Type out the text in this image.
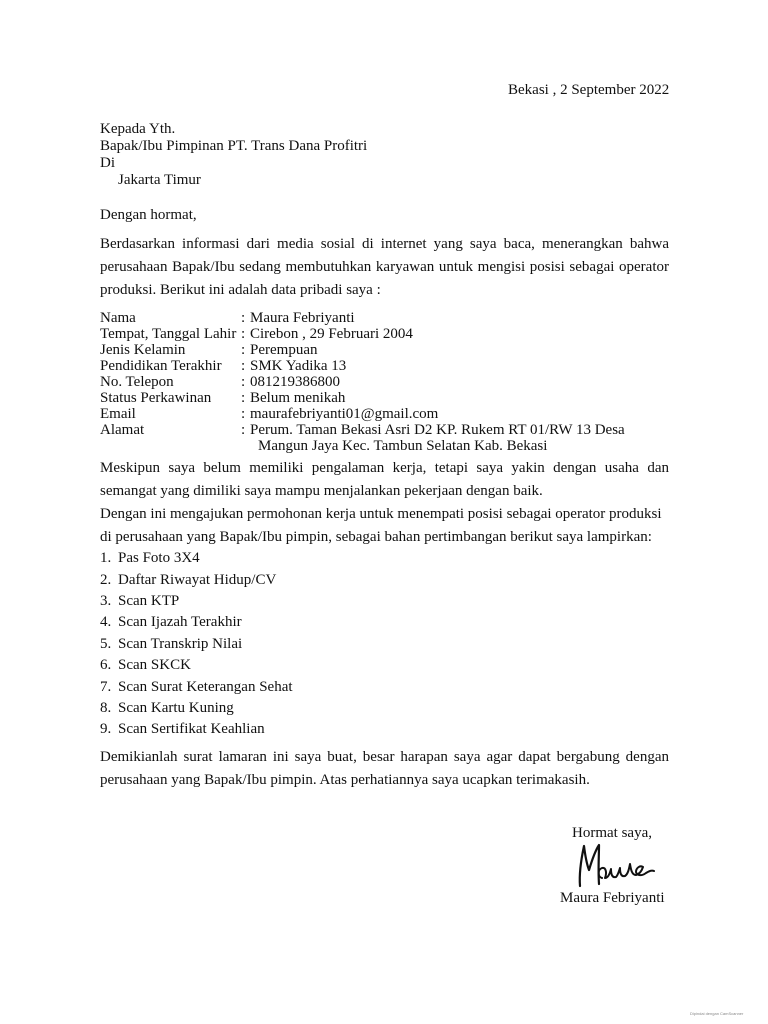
Bekasi , 2 September 2022
Kepada Yth.
Bapak/Ibu Pimpinan PT. Trans Dana Profitri
Di
Jakarta Timur
Dengan hormat,
Berdasarkan informasi dari media sosial di internet yang saya baca, menerangkan bahwa
perusahaan Bapak/Ibu sedang membutuhkan karyawan untuk mengisi posisi sebagai operator
produksi. Berikut ini adalah data pribadi saya :
Nama	: Maura Febriyanti
Tempat, Tanggal Lahir : Cirebon , 29 Februari 2004
Jenis Kelamin	: Perempuan
Pendidikan Terakhir : SMK Yadika 13
No. Telepon	: 081219386800
Status Perkawinan : Belum menikah
Email	: maurafebriyanti01@gmail.com
Alamat	: Perum. Taman Bekasi Asri D2 KP. Rukem RT 01/RW 13 Desa
Mangun Jaya Kec. Tambun Selatan Kab. Bekasi
Meskipun saya belum memiliki pengalaman kerja, tetapi saya yakin dengan usaha dan
semangat yang dimiliki saya mampu menjalankan pekerjaan dengan baik.
Dengan ini mengajukan permohonan kerja untuk menempati posisi sebagai operator produksi
di perusahaan yang Bapak/Ibu pimpin, sebagai bahan pertimbangan berikut saya lampirkan:
1. Pas Foto 3X4
2. Daftar Riwayat Hidup/CV
3. Scan KTP
4. Scan Ijazah Terakhir
5. Scan Transkrip Nilai
6. Scan SKCK
7. Scan Surat Keterangan Sehat
8. Scan Kartu Kuning
9. Scan Sertifikat Keahlian
Demikianlah surat lamaran ini saya buat, besar harapan saya agar dapat bergabung dengan
perusahaan yang Bapak/Ibu pimpin. Atas perhatiannya saya ucapkan terimakasih.
Hormat saya,
Maura Febriyanti
Dipindai dengan CamScanner
